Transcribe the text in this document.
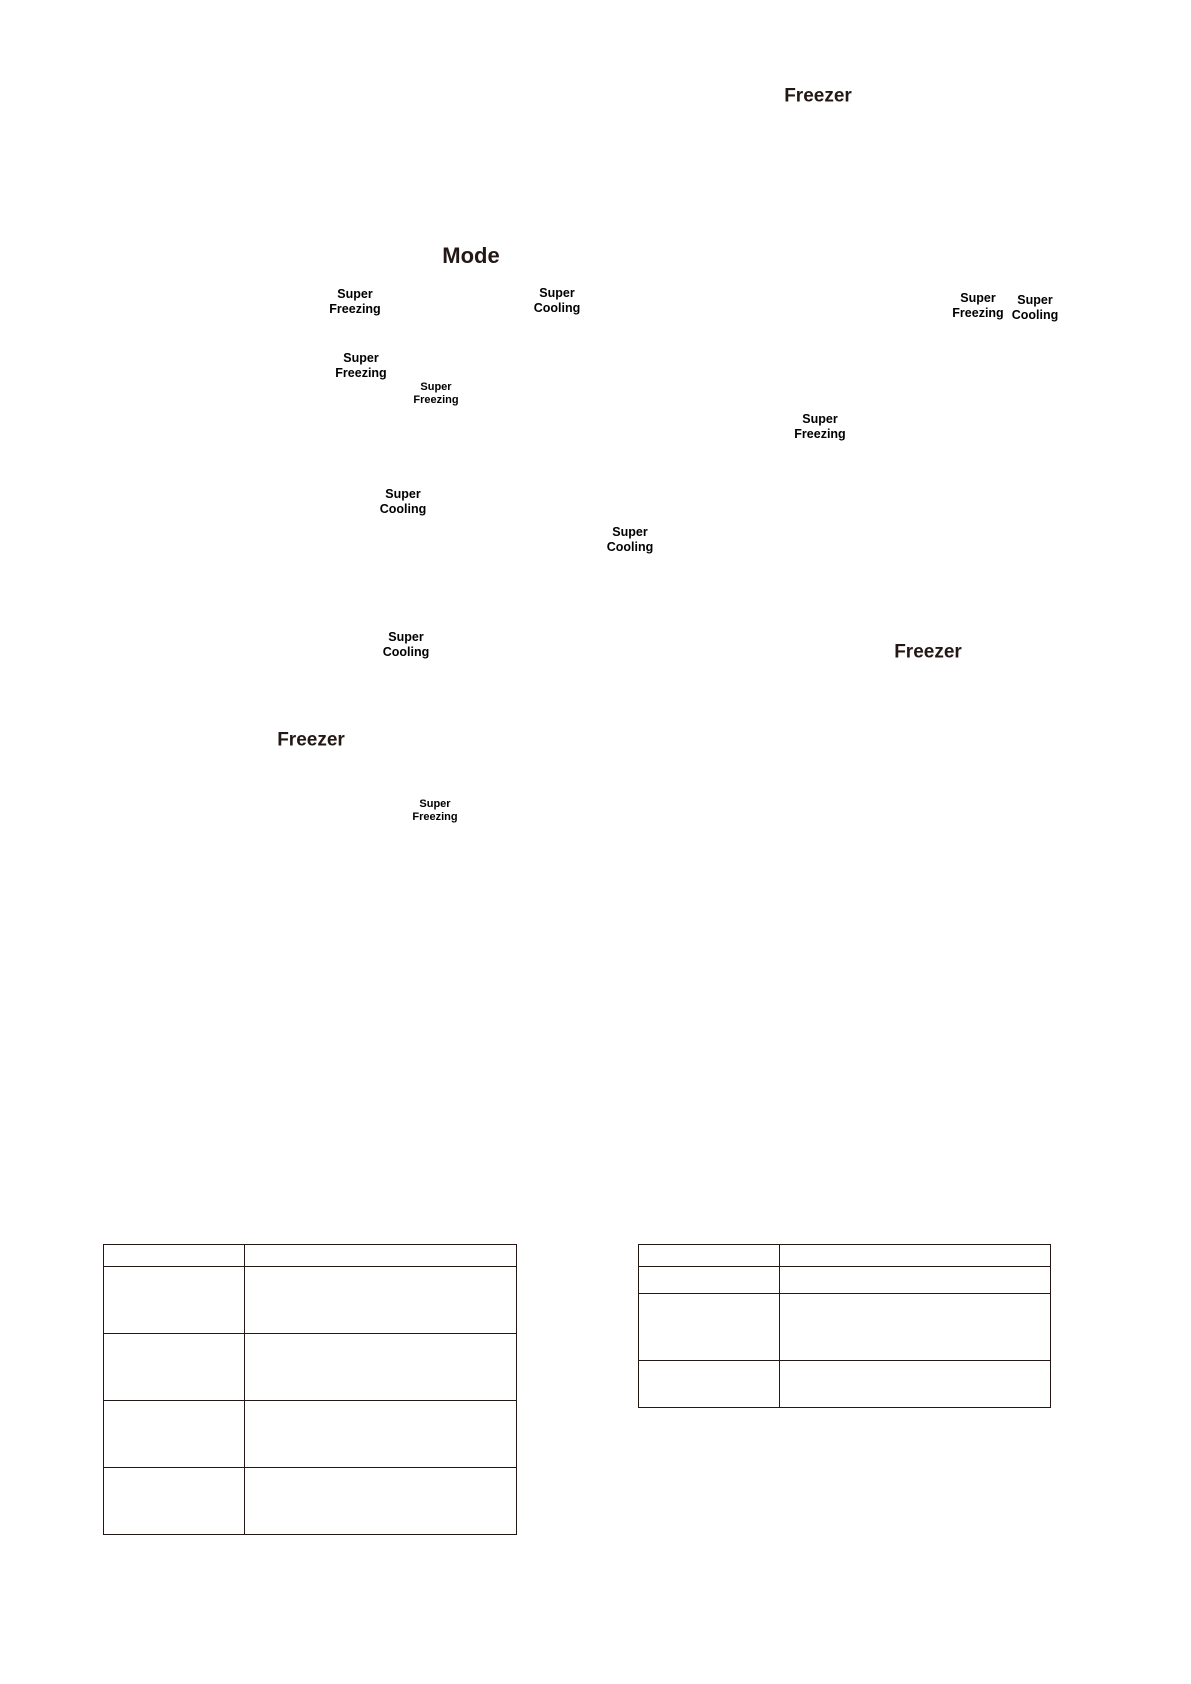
Freezer
Mode
Freezer
Freezer
Super
Freezing
Super
Cooling
Super
Freezing
Super
Cooling
Super
Freezing
Super
Freezing
Super
Freezing
Super
Cooling
Super
Cooling
Super
Cooling
Super
Freezing
